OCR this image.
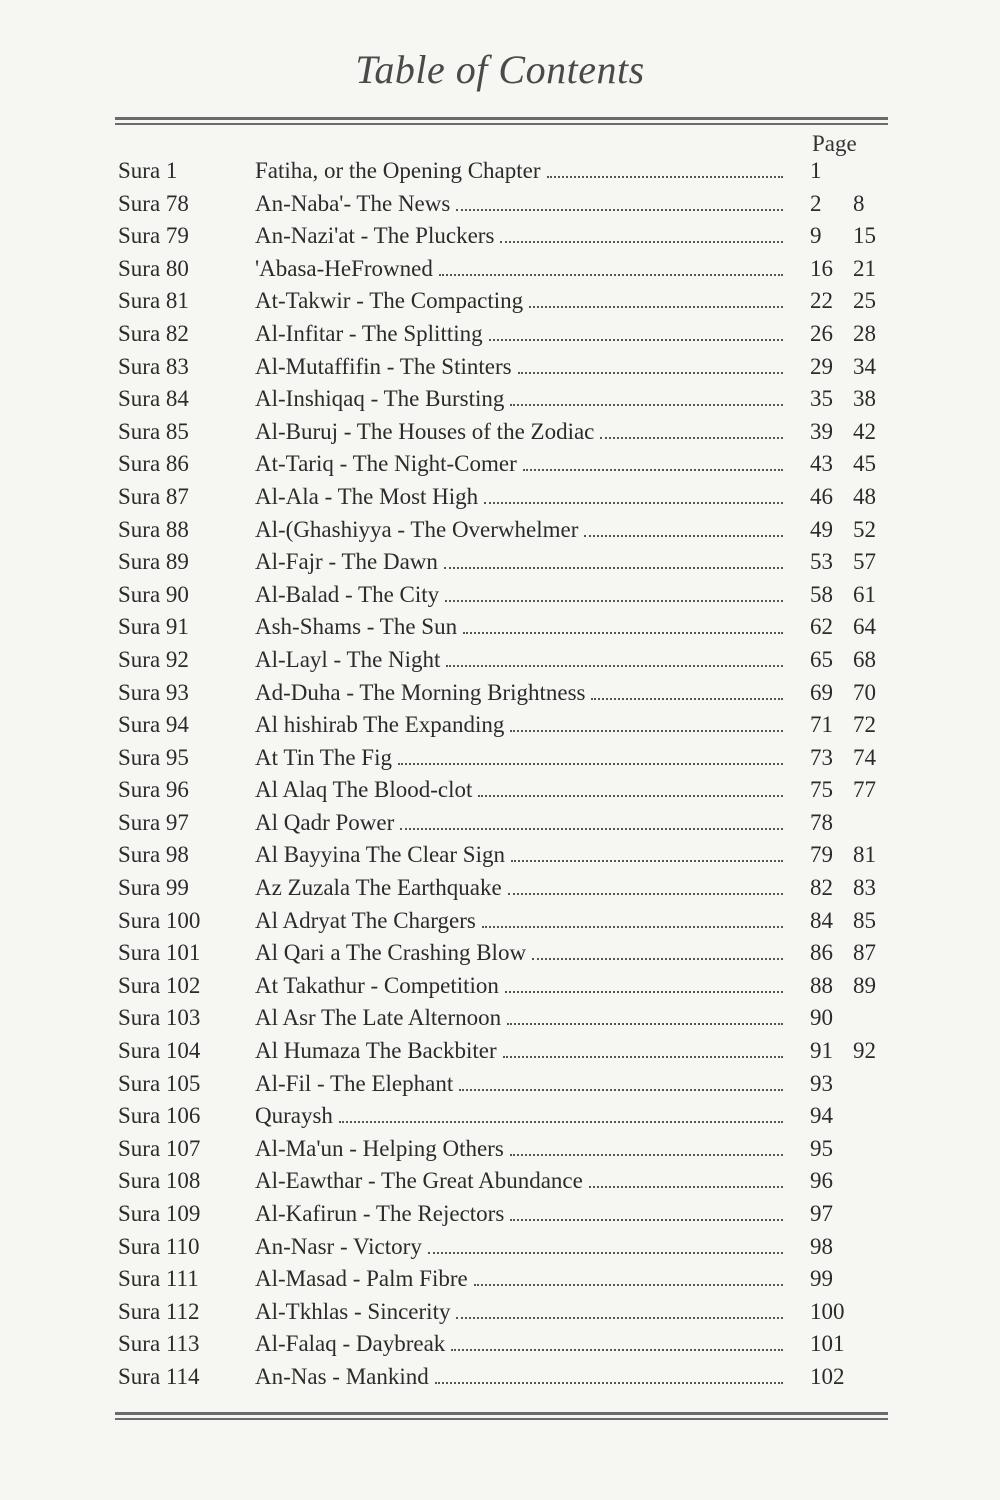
Table of Contents
Page
Sura 1	Fatiha, or the Opening Chapter	1
Sura 78	An-Naba'- The News	2 8
Sura 79	An-Nazi'at - The Pluckers	9 15
Sura 80	'Abasa-HeFrowned	16 21
Sura 81	At-Takwir - The Compacting	22 25
Sura 82	Al-Infitar - The Splitting	26 28
Sura 83	Al-Mutaffifin - The Stinters	29 34
Sura 84	Al-Inshiqaq - The Bursting	35 38
Sura 85	Al-Buruj - The Houses of the Zodiac	39 42
Sura 86	At-Tariq - The Night-Comer	43 45
Sura 87	Al-Ala - The Most High	46 48
Sura 88	Al-(Ghashiyya - The Overwhelmer	49 52
Sura 89	Al-Fajr - The Dawn	53 57
Sura 90	Al-Balad - The City	58 61
Sura 91	Ash-Shams - The Sun	62 64
Sura 92	Al-Layl - The Night	65 68
Sura 93	Ad-Duha - The Morning Brightness	69 70
Sura 94	Al hishirab The Expanding	71 72
Sura 95	At Tin The Fig	73 74
Sura 96	Al Alaq The Blood-clot	75 77
Sura 97	Al Qadr Power	78
Sura 98	Al Bayyina The Clear Sign	79 81
Sura 99	Az Zuzala The Earthquake	82 83
Sura 100 Al Adryat The Chargers	84 85
Sura 101 Al Qari a The Crashing Blow	86 87
Sura 102 At Takathur - Competition	88 89
Sura 103 Al Asr The Late Alternoon	90
Sura 104 Al Humaza The Backbiter	91 92
Sura 105 Al-Fil - The Elephant	93
Sura 106 Quraysh	94
Sura 107 Al-Ma'un - Helping Others	95
Sura 108 Al-Eawthar - The Great Abundance	96
Sura 109 Al-Kafirun - The Rejectors	97
Sura 110 An-Nasr - Victory	98
Sura 111 Al-Masad - Palm Fibre	99
Sura 112 Al-Tkhlas - Sincerity	100
Sura 113 Al-Falaq - Daybreak	101
Sura 114 An-Nas - Mankind	102
